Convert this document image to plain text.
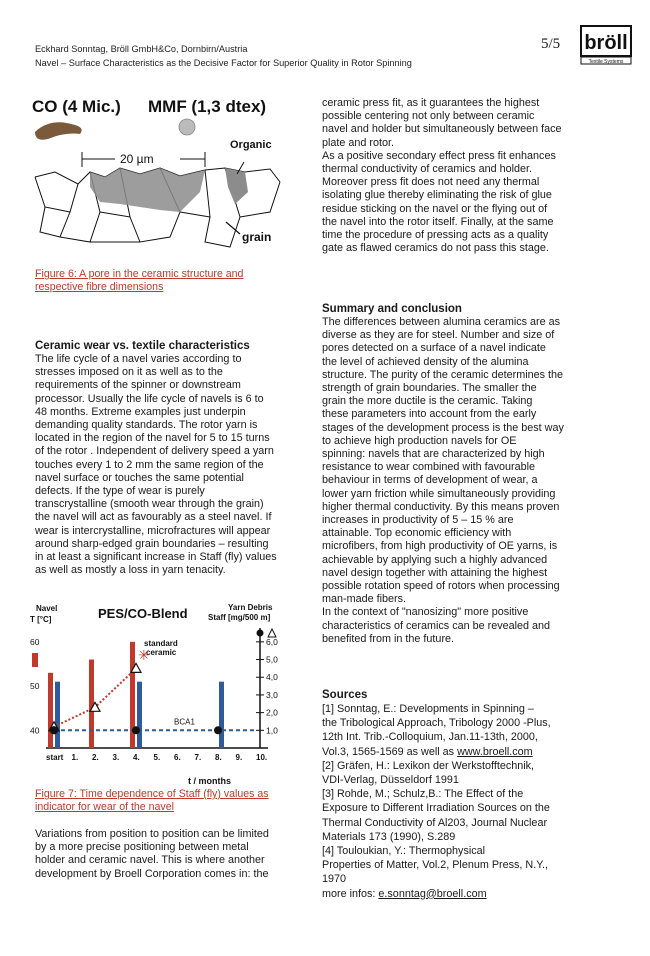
Eckhard Sonntag, Bröll GmbH&Co, Dornbirn/Austria
Navel – Surface Characteristics as the Decisive Factor for Superior Quality in Rotor Spinning
5/5 bröll
Textile Systems
CO (4 Mic.) MMF (1,3 dtex)
Organic
20 µm
grain
Figure 6: A pore in the ceramic structure and
respective fibre dimensions

Ceramic wear vs. textile characteristics

The life cycle of a navel varies according to

stresses imposed on it as well as to the

requirements of the spinner or downstream

processor. Usually the life cycle of navels is 6 to

48 months. Extreme examples just underpin

demanding quality standards. The rotor yarn is

located in the region of the navel for 5 to 15 turns

of the rotor . Independent of delivery speed a yarn

touches every 1 to 2 mm the same region of the

navel surface or touches the same potential

defects. If the type of wear is purely

transcrystalline (smooth wear through the grain)

the navel will act as favourably as a steel navel. If

wear is intercrystalline, microfractures will appear

around sharp-edged grain boundaries – resulting

in at least a significant increase in Staff (fly) values

as well as mostly a loss in yarn tenacity.

PES/CO-Blend
Navel T [°C]
Yarn Debris Staff [mg/500 m]
60
50
40
6,0
5,0
4,0
3,0
2,0
1,0
start 1. 2. 3. 4. 5. 6. 7. 8. 9. 10.
standard
ceramic
✳
BCA1
t / months
Figure 7: Time dependence of Staff (fly) values as
indicator for wear of the navel

Variations from position to position can be limited

by a more precise positioning between metal

holder and ceramic navel. This is where another

development by Broell Corporation comes in: the

ceramic press fit, as it guarantees the highest

possible centering not only between ceramic

navel and holder but simultaneously between face

plate and rotor.

As a positive secondary effect press fit enhances

thermal conductivity of ceramics and holder.

Moreover press fit does not need any thermal

isolating glue thereby eliminating the risk of glue

residue sticking on the navel or the flying out of

the navel into the rotor itself. Finally, at the same

time the procedure of pressing acts as a quality

gate as flawed ceramics do not pass this stage.

Summary and conclusion

The differences between alumina ceramics are as

diverse as they are for steel. Number and size of

pores detected on a surface of a navel indicate

the level of achieved density of the alumina

structure. The purity of the ceramic determines the

strength of grain boundaries. The smaller the

grain the more ductile is the ceramic. Taking

these parameters into account from the early

stages of the development process is the best way

to achieve high production navels for OE

spinning: navels that are characterized by high

resistance to wear combined with favourable

behaviour in terms of development of wear, a

lower yarn friction while simultaneously providing

higher thermal conductivity. By this means proven

increases in productivity of 5 – 15 % are

attainable. Top economic efficiency with

microfibers, from high productivity of OE yarns, is

achievable by applying such a highly advanced

navel design together with attaining the highest

possible rotation speed of rotors when processing

man-made fibers.

In the context of "nanosizing" more positive

characteristics of ceramics can be revealed and

benefited from in the future.

Sources

[1] Sonntag, E.: Developments in Spinning –

the Tribological Approach, Tribology 2000 -Plus,

12th Int. Trib.-Colloquium, Jan.11-13th, 2000,

Vol.3, 1565-1569 as well as www.broell.com

[2] Gräfen, H.: Lexikon der Werkstofftechnik,

VDI-Verlag, Düsseldorf 1991

[3] Rohde, M.; Schulz,B.: The Effect of the

Exposure to Different Irradiation Sources on the

Thermal Conductivity of Al203, Journal Nuclear

Materials 173 (1990), S.289

[4] Touloukian, Y.: Thermophysical

Properties of Matter, Vol.2, Plenum Press, N.Y.,

1970

more infos: e.sonntag@broell.com
